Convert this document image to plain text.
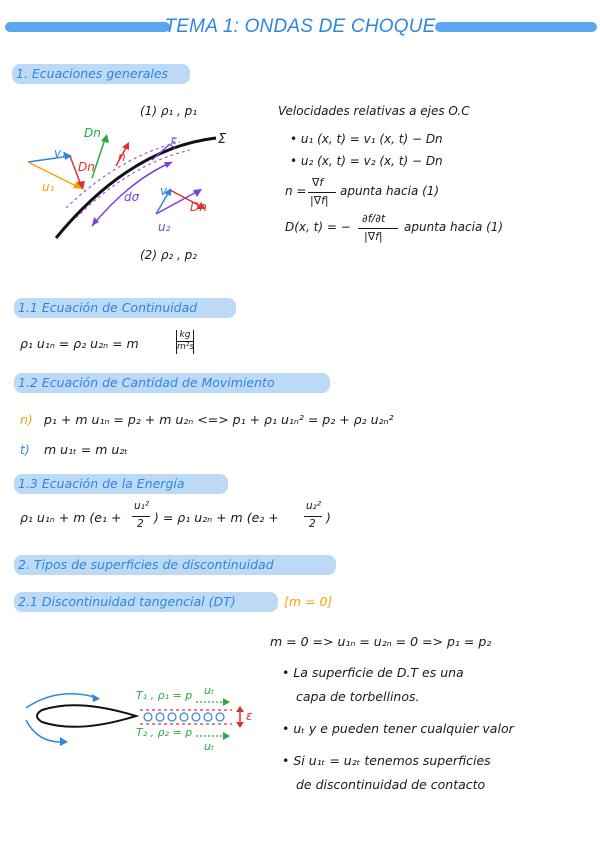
TEMA 1: ONDAS DE CHOQUE
1. Ecuaciones generales
(1) ρ₁ , p₁
(2) ρ₂ , p₂
Σ
ξ
dσ
Dn
n
Dn
v₁
u₁	v₂
Dn
u₂
Velocidades relativas a ejes O.C
• u₁ (x, t) = v₁ (x, t) − Dn
• u₂ (x, t) = v₂ (x, t) − Dn
n =
∇f
|∇f|
apunta hacia (1)
D(x, t) = −
∂f/∂t
|∇f|
apunta hacia (1)
1.1 Ecuación de Continuidad
ρ₁ u₁ₙ = ρ₂ u₂ₙ = m	$\frac{kg}{\text{m²s}}$
1.2 Ecuación de Cantidad de Movimiento
n) p₁ + m u₁ₙ = p₂ + m u₂ₙ <=> p₁ + ρ₁ u₁ₙ² = p₂ + ρ₂ u₂ₙ²
t) m u₁ₜ = m u₂ₜ
1.3 Ecuación de la Energía
ρ₁ u₁ₙ + m (e₁ +
u₁²
2 ) = ρ₁ u₂ₙ + m (e₂ +
u₂²
2 )
2. Tipos de superficies de discontinuidad
2.1 Discontinuidad tangencial (DT)	[m = 0]
m = 0 => u₁ₙ = u₂ₙ = 0 => p₁ = p₂
• La superficie de D.T es una
capa de torbellinos.
• uₜ y e pueden tener cualquier valor
• Si u₁ₜ = u₂ₜ tenemos superficies
de discontinuidad de contacto
T₁ , ρ₁ = p uₜ
T₂ , ρ₂ = p
uₜ
ε
